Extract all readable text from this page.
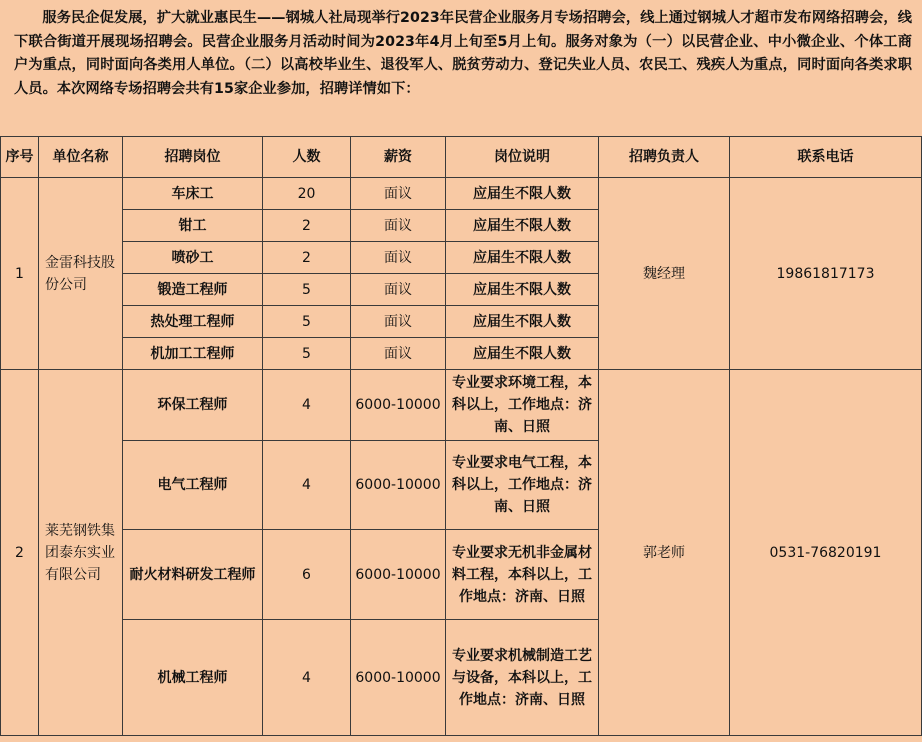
服务民企促发展，扩大就业惠民生——钢城人社局现举行2023年民营企业服务月专场招聘会，线上通过钢城人才超市发布网络招聘会，线下联合街道开展现场招聘会。民营企业服务月活动时间为2023年4月上旬至5月上旬。服务对象为（一）以民营企业、中小微企业、个体工商户为重点，同时面向各类用人单位。（二）以高校毕业生、退役军人、脱贫劳动力、登记失业人员、农民工、残疾人为重点，同时面向各类求职人员。本次网络专场招聘会共有15家企业参加，招聘详情如下：
序号	单位名称	招聘岗位	人数	薪资	岗位说明	招聘负责人	联系电话
1	金雷科技股份公司	车床工	20	面议	应届生不限人数	魏经理	19861817173
		钳工	2	面议	应届生不限人数		
		喷砂工	2	面议	应届生不限人数		
		锻造工程师	5	面议	应届生不限人数		
		热处理工程师	5	面议	应届生不限人数		
		机加工工程师	5	面议	应届生不限人数		
2	莱芜钢铁集团泰东实业有限公司	环保工程师	4	6000-10000	专业要求环境工程，本科以上，工作地点：济南、日照	郭老师	0531-76820191
		电气工程师	4	6000-10000	专业要求电气工程，本科以上，工作地点：济南、日照		
		耐火材料研发工程师	6	6000-10000	专业要求无机非金属材料工程，本科以上，工作地点：济南、日照		
		机械工程师	4	6000-10000	专业要求机械制造工艺与设备，本科以上，工作地点：济南、日照		
